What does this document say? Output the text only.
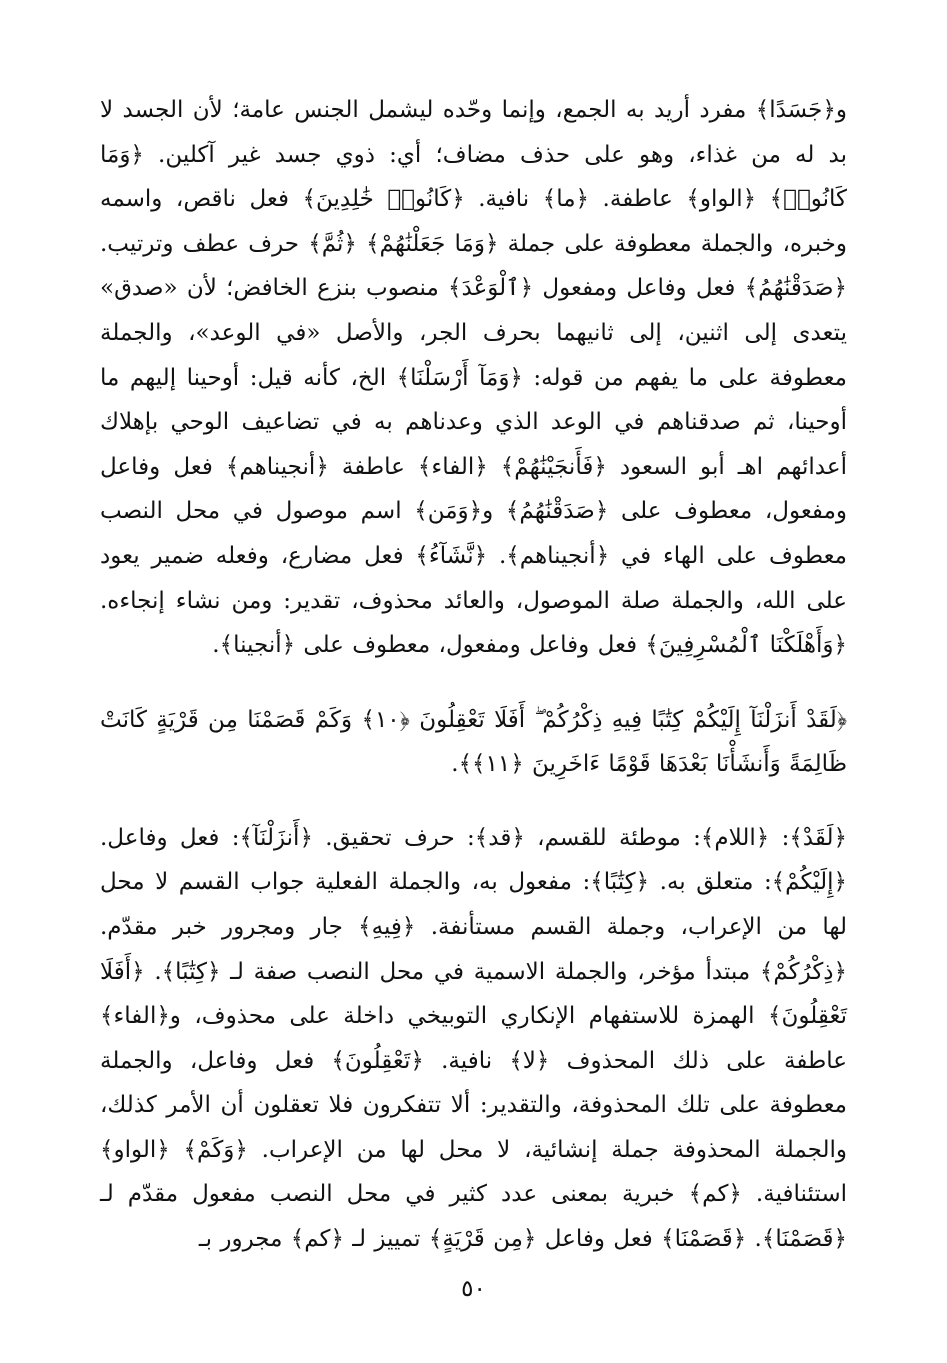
و﴿جَسَدًا﴾ مفرد أريد به الجمع، وإنما وحّده ليشمل الجنس عامة؛ لأن الجسد لا بد له من غذاء، وهو على حذف مضاف؛ أي: ذوي جسد غير آكلين. ﴿وَمَا كَانُوا۟﴾ ﴿الواو﴾ عاطفة. ﴿ما﴾ نافية. ﴿كَانُوا۟ خَٰلِدِينَ﴾ فعل ناقص، واسمه وخبره، والجملة معطوفة على جملة ﴿وَمَا جَعَلْنَٰهُمْ﴾ ﴿ثُمَّ﴾ حرف عطف وترتيب. ﴿صَدَقْنَٰهُمُ﴾ فعل وفاعل ومفعول ﴿ٱلْوَعْدَ﴾ منصوب بنزع الخافض؛ لأن «صدق» يتعدى إلى اثنين، إلى ثانيهما بحرف الجر، والأصل «في الوعد»، والجملة معطوفة على ما يفهم من قوله: ﴿وَمَآ أَرْسَلْنَا﴾ الخ، كأنه قيل: أوحينا إليهم ما أوحينا، ثم صدقناهم في الوعد الذي وعدناهم به في تضاعيف الوحي بإهلاك أعدائهم اهـ أبو السعود ﴿فَأَنجَيْنَٰهُمْ﴾ ﴿الفاء﴾ عاطفة ﴿أنجيناهم﴾ فعل وفاعل ومفعول، معطوف على ﴿صَدَقْنَٰهُمُ﴾ و﴿وَمَن﴾ اسم موصول في محل النصب معطوف على الهاء في ﴿أنجيناهم﴾. ﴿نَّشَآءُ﴾ فعل مضارع، وفعله ضمير يعود على الله، والجملة صلة الموصول، والعائد محذوف، تقدير: ومن نشاء إنجاءه. ﴿وَأَهْلَكْنَا ٱلْمُسْرِفِينَ﴾ فعل وفاعل ومفعول، معطوف على ﴿أنجينا﴾.

﴿لَقَدْ أَنزَلْنَآ إِلَيْكُمْ كِتَٰبًا فِيهِ ذِكْرُكُمْ ۖ أَفَلَا تَعْقِلُونَ ﴿١٠﴾ وَكَمْ قَصَمْنَا مِن قَرْيَةٍ كَانَتْ ظَالِمَةً وَأَنشَأْنَا بَعْدَهَا قَوْمًا ءَاخَرِينَ ﴿١١﴾﴾.

﴿لَقَدْ﴾: ﴿اللام﴾: موطئة للقسم، ﴿قد﴾: حرف تحقيق. ﴿أَنزَلْنَآ﴾: فعل وفاعل. ﴿إِلَيْكُمْ﴾: متعلق به. ﴿كِتَٰبًا﴾: مفعول به، والجملة الفعلية جواب القسم لا محل لها من الإعراب، وجملة القسم مستأنفة. ﴿فِيهِ﴾ جار ومجرور خبر مقدّم. ﴿ذِكْرُكُمْ﴾ مبتدأ مؤخر، والجملة الاسمية في محل النصب صفة لـ ﴿كِتَٰبًا﴾. ﴿أَفَلَا تَعْقِلُونَ﴾ الهمزة للاستفهام الإنكاري التوبيخي داخلة على محذوف، و﴿الفاء﴾ عاطفة على ذلك المحذوف ﴿لا﴾ نافية. ﴿تَعْقِلُونَ﴾ فعل وفاعل، والجملة معطوفة على تلك المحذوفة، والتقدير: ألا تتفكرون فلا تعقلون أن الأمر كذلك، والجملة المحذوفة جملة إنشائية، لا محل لها من الإعراب. ﴿وَكَمْ﴾ ﴿الواو﴾ استئنافية. ﴿كم﴾ خبرية بمعنى عدد كثير في محل النصب مفعول مقدّم لـ ﴿قَصَمْنَا﴾. ﴿قَصَمْنَا﴾ فعل وفاعل ﴿مِن قَرْيَةٍ﴾ تمييز لـ ﴿كم﴾ مجرور بـ

٥٠
